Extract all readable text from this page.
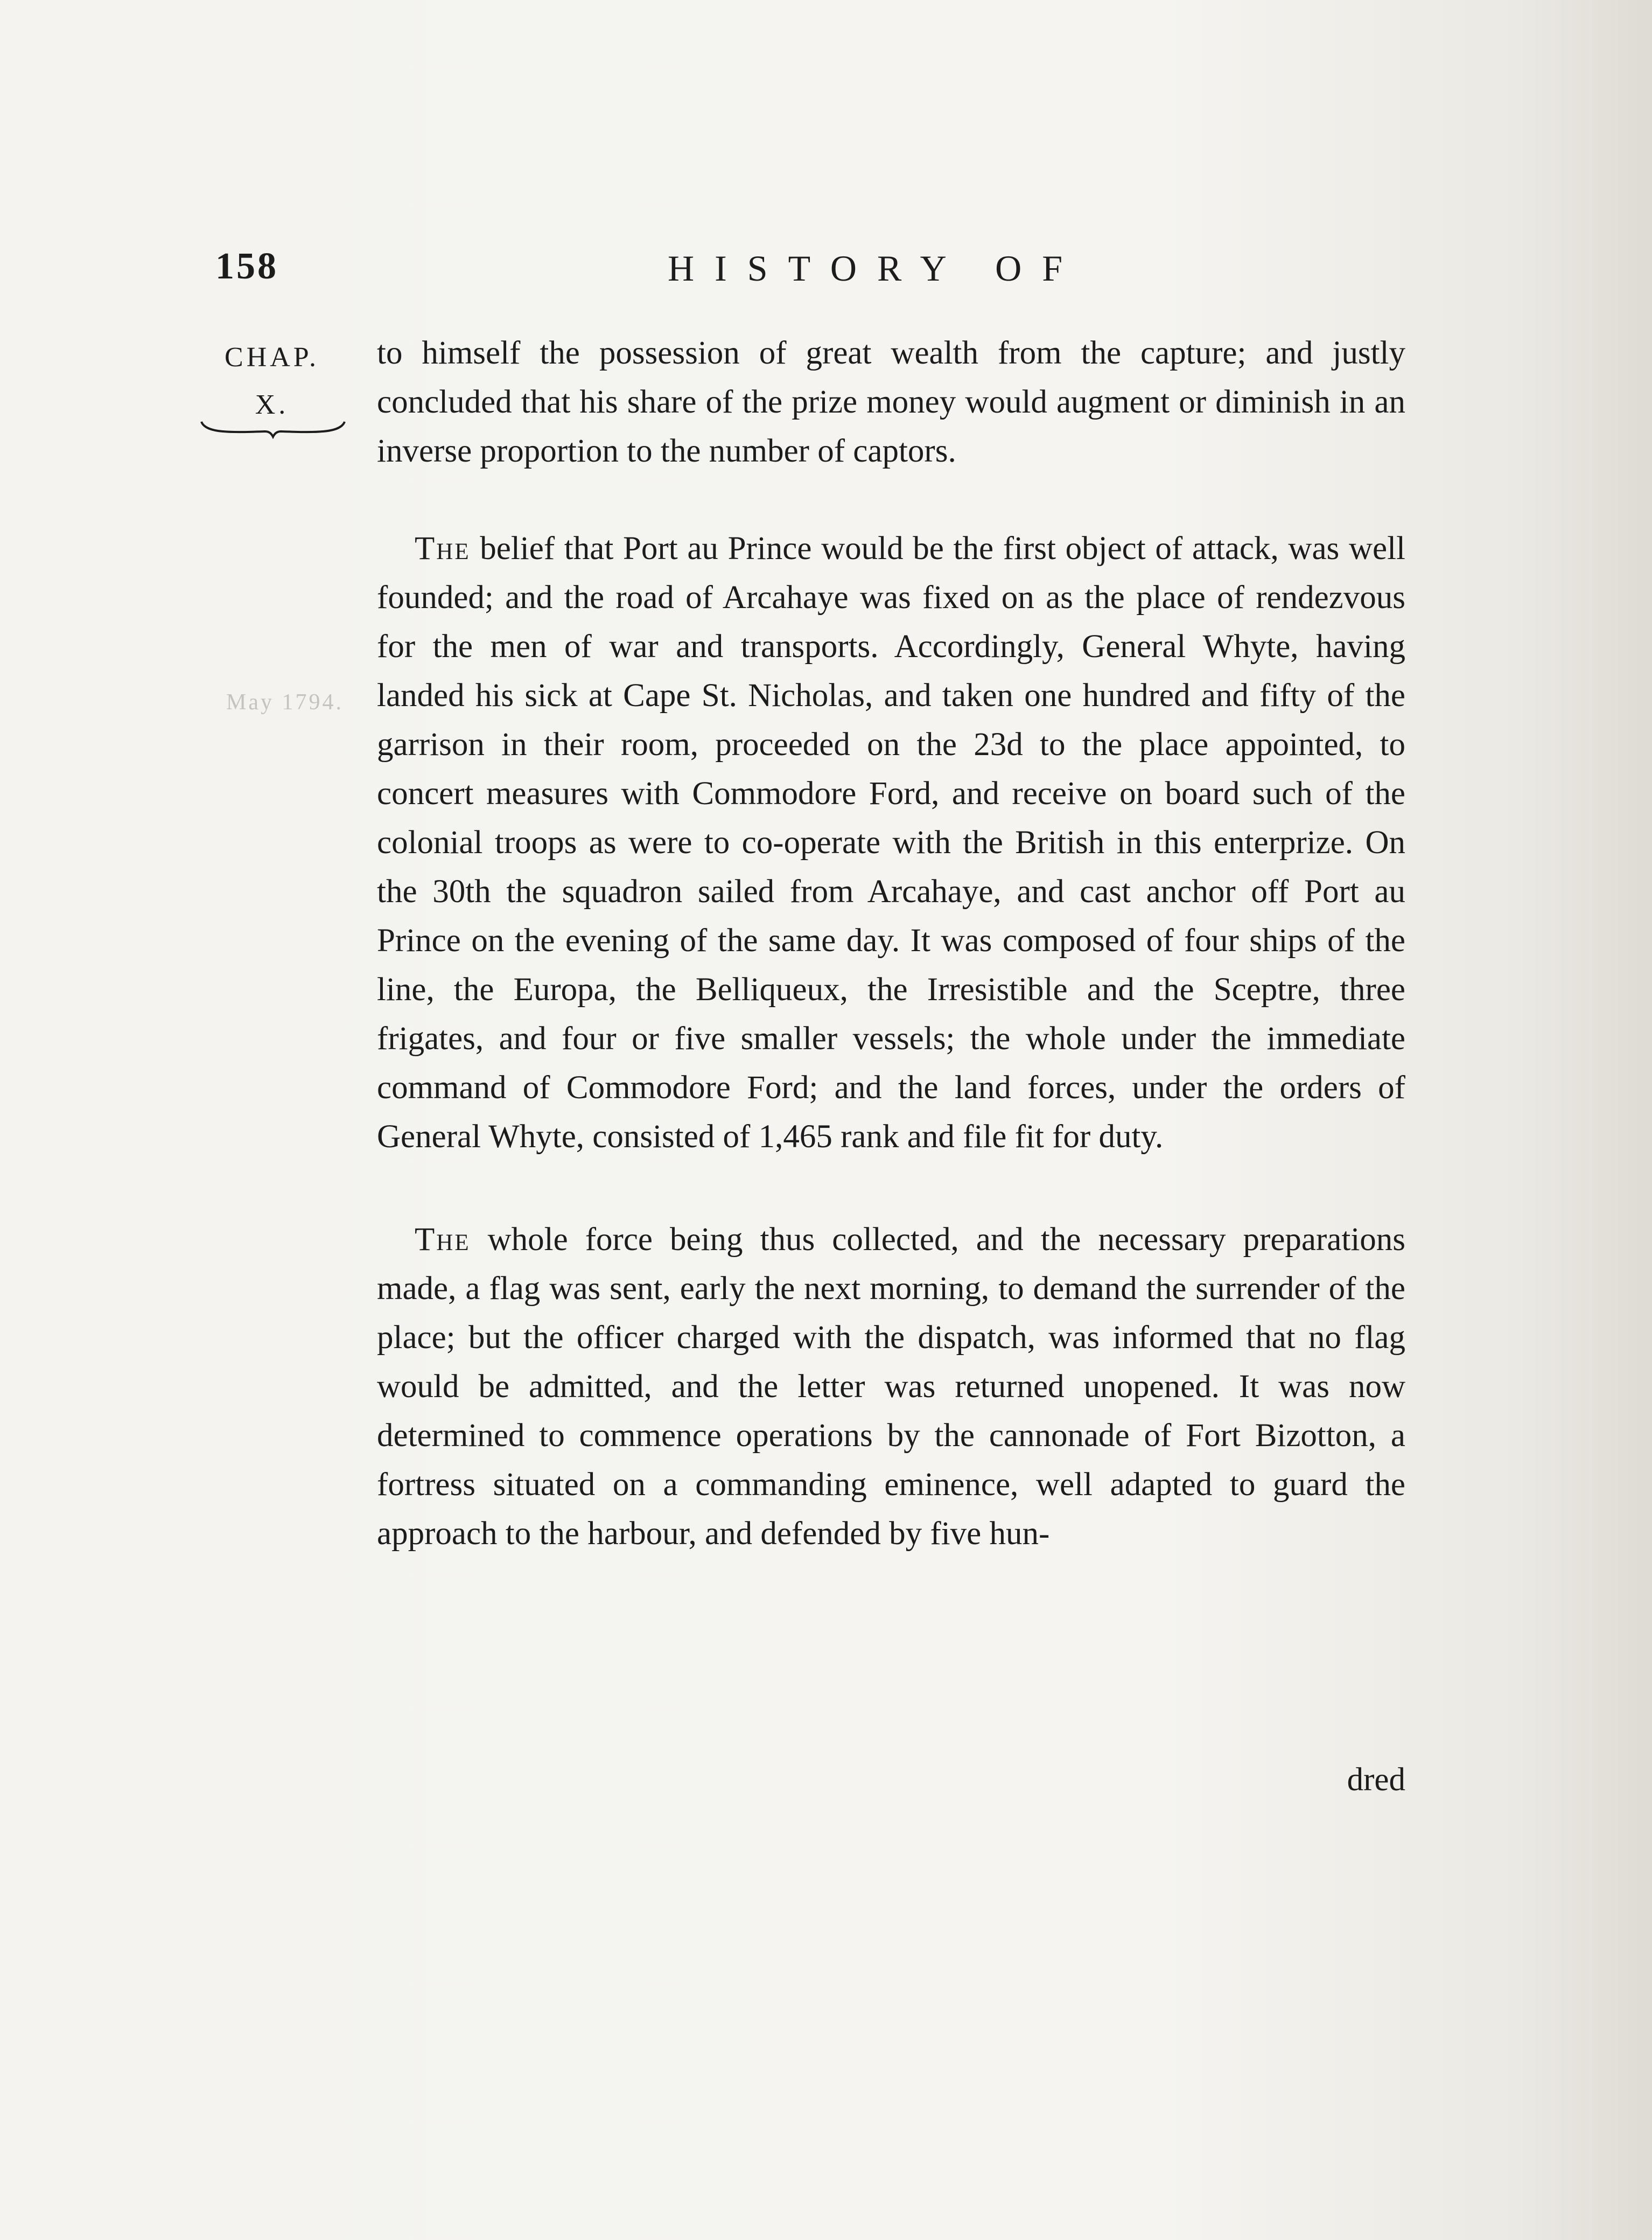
158	HISTORY OF
CHAP.
X.
May 1794.

to himself the possession of great wealth from the capture; and justly concluded that his share of the prize money would augment or diminish in an inverse proportion to the number of captors.

The belief that Port au Prince would be the first object of attack, was well founded; and the road of Arcahaye was fixed on as the place of rendezvous for the men of war and transports. Accordingly, General Whyte, having landed his sick at Cape St. Nicholas, and taken one hundred and fifty of the garrison in their room, proceeded on the 23d to the place appointed, to concert measures with Commodore Ford, and receive on board such of the colonial troops as were to co-operate with the British in this enterprize. On the 30th the squadron sailed from Arcahaye, and cast anchor off Port au Prince on the evening of the same day. It was composed of four ships of the line, the Europa, the Belliqueux, the Irresistible and the Sceptre, three frigates, and four or five smaller vessels; the whole under the immediate command of Commodore Ford; and the land forces, under the orders of General Whyte, consisted of 1,465 rank and file fit for duty.

The whole force being thus collected, and the necessary preparations made, a flag was sent, early the next morning, to demand the surrender of the place; but the officer charged with the dispatch, was informed that no flag would be admitted, and the letter was returned unopened. It was now determined to commence operations by the cannonade of Fort Bizotton, a fortress situated on a commanding eminence, well adapted to guard the approach to the harbour, and defended by five hun-

dred
